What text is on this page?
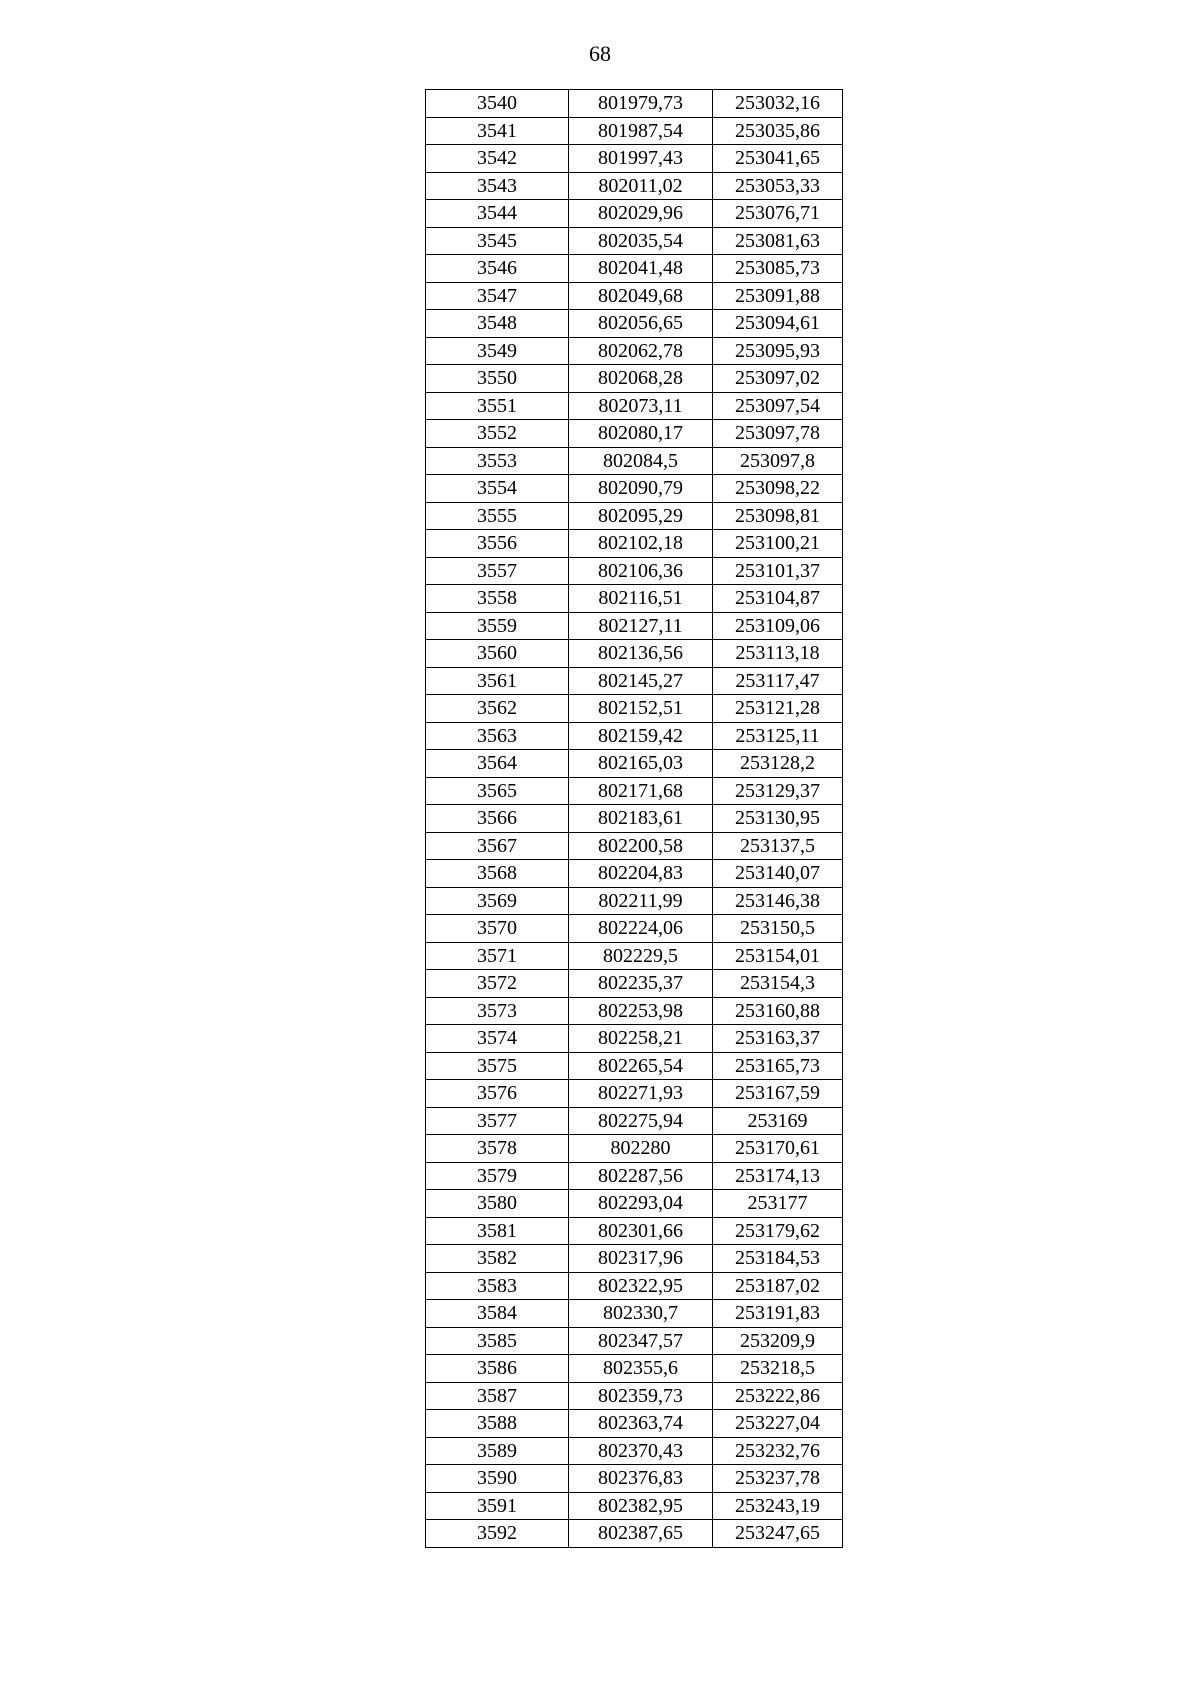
68
3540	801979,73	253032,16
3541	801987,54	253035,86
3542	801997,43	253041,65
3543	802011,02	253053,33
3544	802029,96	253076,71
3545	802035,54	253081,63
3546	802041,48	253085,73
3547	802049,68	253091,88
3548	802056,65	253094,61
3549	802062,78	253095,93
3550	802068,28	253097,02
3551	802073,11	253097,54
3552	802080,17	253097,78
3553	802084,5	253097,8
3554	802090,79	253098,22
3555	802095,29	253098,81
3556	802102,18	253100,21
3557	802106,36	253101,37
3558	802116,51	253104,87
3559	802127,11	253109,06
3560	802136,56	253113,18
3561	802145,27	253117,47
3562	802152,51	253121,28
3563	802159,42	253125,11
3564	802165,03	253128,2
3565	802171,68	253129,37
3566	802183,61	253130,95
3567	802200,58	253137,5
3568	802204,83	253140,07
3569	802211,99	253146,38
3570	802224,06	253150,5
3571	802229,5	253154,01
3572	802235,37	253154,3
3573	802253,98	253160,88
3574	802258,21	253163,37
3575	802265,54	253165,73
3576	802271,93	253167,59
3577	802275,94	253169
3578	802280	253170,61
3579	802287,56	253174,13
3580	802293,04	253177
3581	802301,66	253179,62
3582	802317,96	253184,53
3583	802322,95	253187,02
3584	802330,7	253191,83
3585	802347,57	253209,9
3586	802355,6	253218,5
3587	802359,73	253222,86
3588	802363,74	253227,04
3589	802370,43	253232,76
3590	802376,83	253237,78
3591	802382,95	253243,19
3592	802387,65	253247,65
